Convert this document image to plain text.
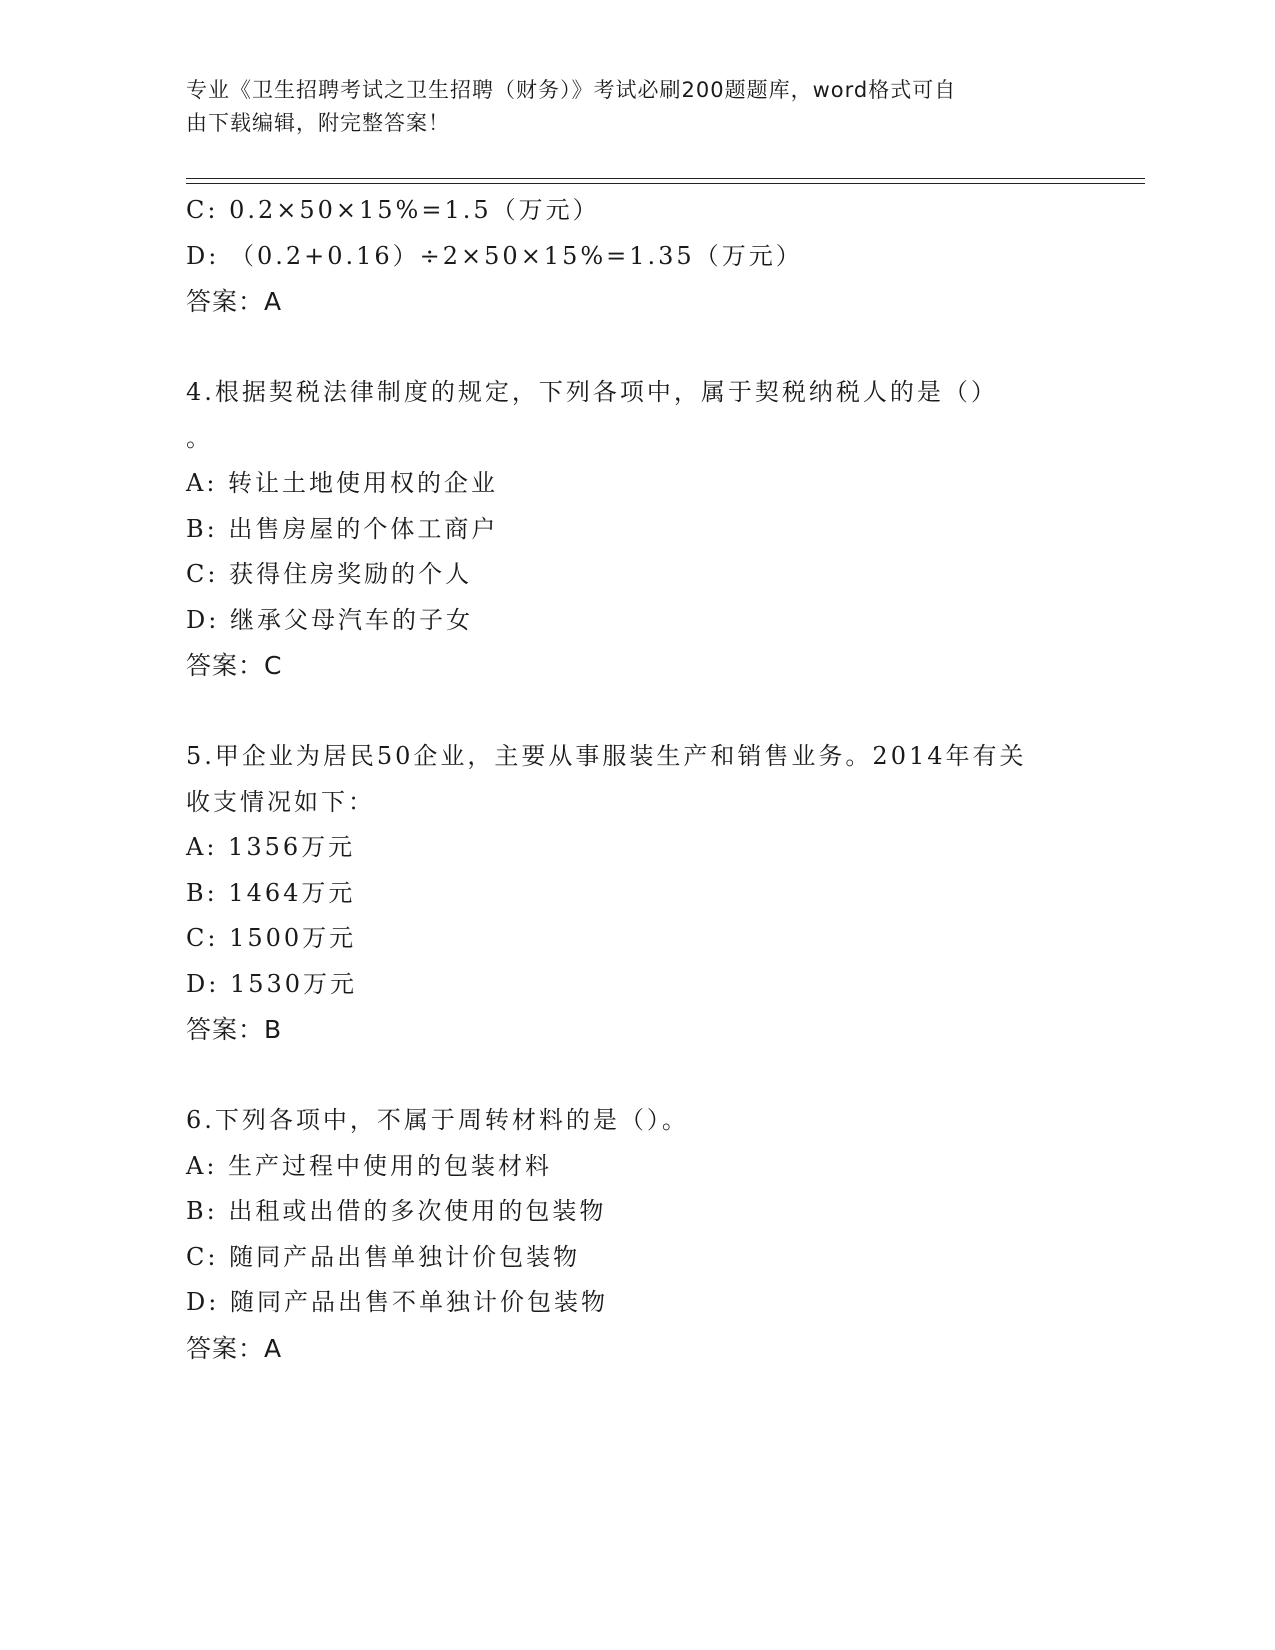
专业《卫生招聘考试之卫生招聘（财务）》考试必刷200题题库，word格式可自
由下载编辑，附完整答案！
C: 0.2×50×15%=1.5（万元）
D: （0.2+0.16）÷2×50×15%=1.35（万元）
答案：A
4.根据契税法律制度的规定，下列各项中，属于契税纳税人的是（）
。
A: 转让土地使用权的企业
B: 出售房屋的个体工商户
C: 获得住房奖励的个人
D: 继承父母汽车的子女
答案：C
5.甲企业为居民50企业，主要从事服装生产和销售业务。2014年有关
收支情况如下：
A: 1356万元
B: 1464万元
C: 1500万元
D: 1530万元
答案：B
6.下列各项中，不属于周转材料的是（）。
A: 生产过程中使用的包装材料
B: 出租或出借的多次使用的包装物
C: 随同产品出售单独计价包装物
D: 随同产品出售不单独计价包装物
答案：A
